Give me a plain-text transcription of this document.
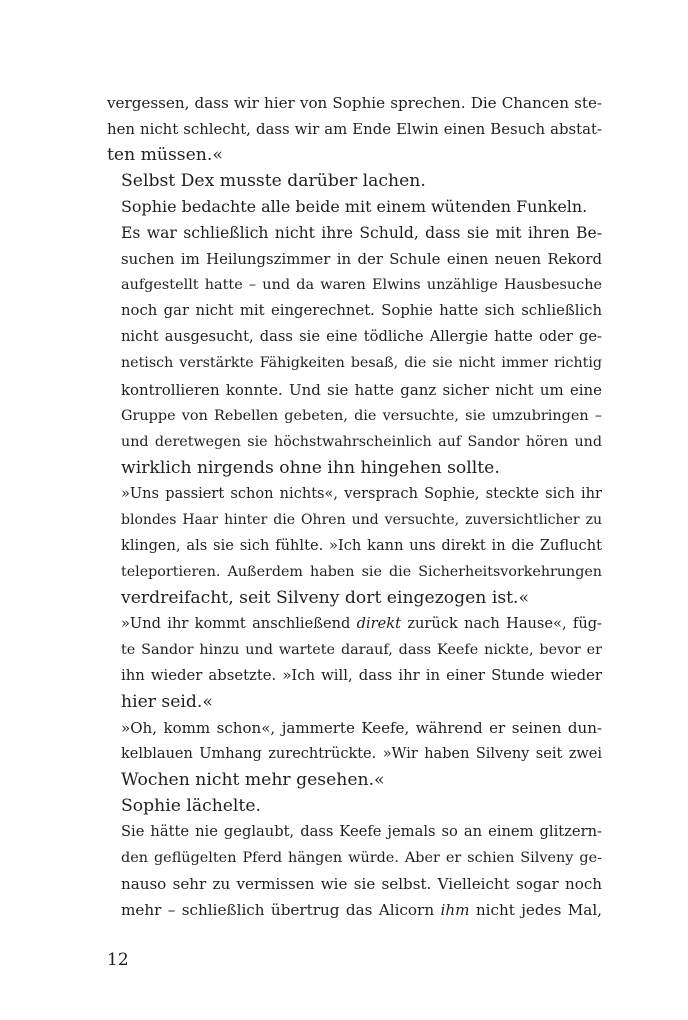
vergessen, dass wir hier von Sophie sprechen. Die Chancen ste-
hen nicht schlecht, dass wir am Ende Elwin einen Besuch abstat-
ten müssen.«
Selbst Dex musste darüber lachen.
Sophie bedachte alle beide mit einem wütenden Funkeln.
Es war schließlich nicht ihre Schuld, dass sie mit ihren Be-
suchen im Heilungszimmer in der Schule einen neuen Rekord
aufgestellt hatte – und da waren Elwins unzählige Hausbesuche
noch gar nicht mit eingerechnet. Sophie hatte sich schließlich
nicht ausgesucht, dass sie eine tödliche Allergie hatte oder ge-
netisch verstärkte Fähigkeiten besaß, die sie nicht immer richtig
kontrollieren konnte. Und sie hatte ganz sicher nicht um eine
Gruppe von Rebellen gebeten, die versuchte, sie umzubringen –
und deretwegen sie höchstwahrscheinlich auf Sandor hören und
wirklich nirgends ohne ihn hingehen sollte.
»Uns passiert schon nichts«, versprach Sophie, steckte sich ihr
blondes Haar hinter die Ohren und versuchte, zuversichtlicher zu
klingen, als sie sich fühlte. »Ich kann uns direkt in die Zuflucht
teleportieren. Außerdem haben sie die Sicherheitsvorkehrungen
verdreifacht, seit Silveny dort eingezogen ist.«
»Und ihr kommt anschließend direkt zurück nach Hause«, füg-
te Sandor hinzu und wartete darauf, dass Keefe nickte, bevor er
ihn wieder absetzte. »Ich will, dass ihr in einer Stunde wieder
hier seid.«
»Oh, komm schon«, jammerte Keefe, während er seinen dun-
kelblauen Umhang zurechtrückte. »Wir haben Silveny seit zwei
Wochen nicht mehr gesehen.«
Sophie lächelte.
Sie hätte nie geglaubt, dass Keefe jemals so an einem glitzern-
den geflügelten Pferd hängen würde. Aber er schien Silveny ge-
nauso sehr zu vermissen wie sie selbst. Vielleicht sogar noch
mehr – schließlich übertrug das Alicorn ihm nicht jedes Mal,
12
